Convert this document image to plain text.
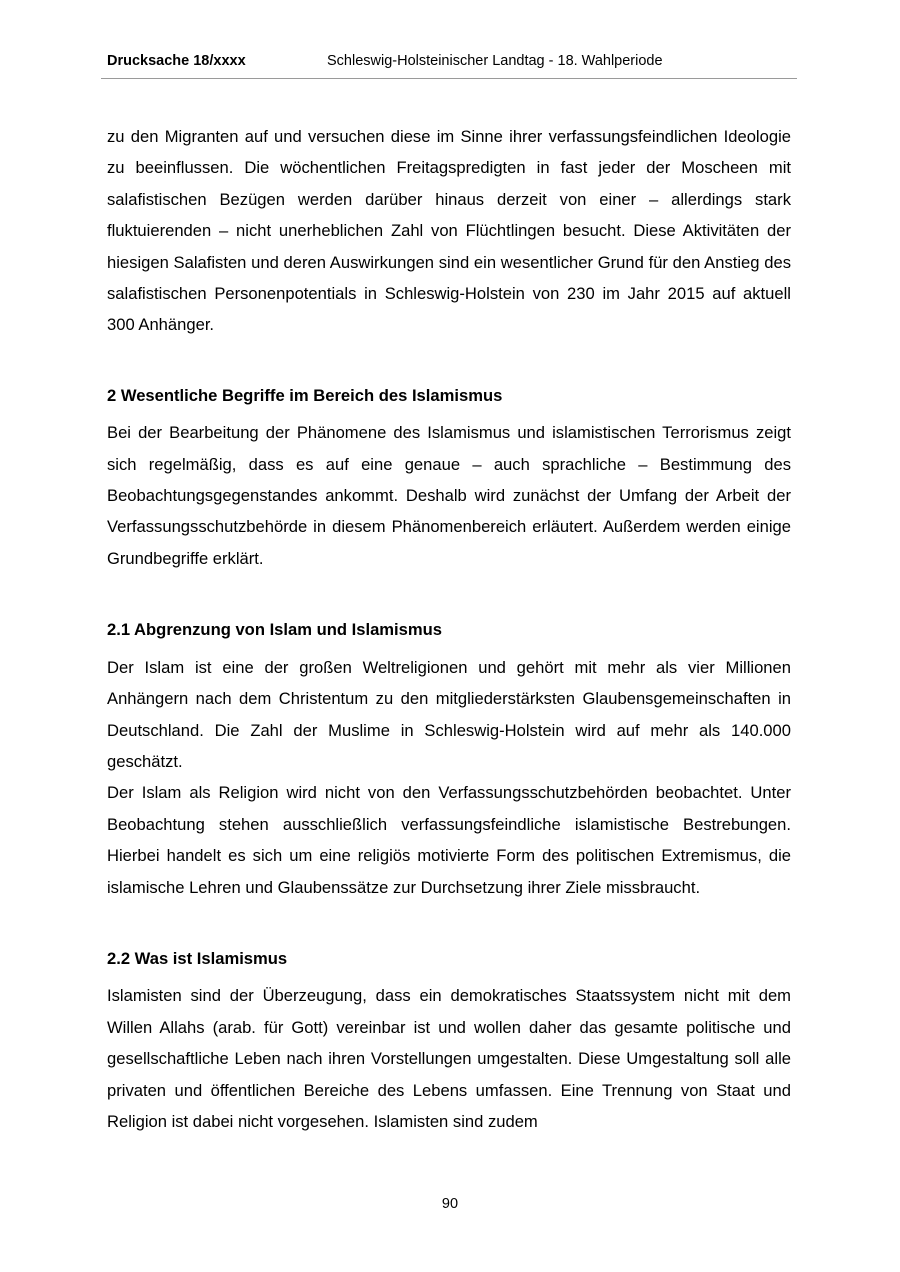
Drucksache 18/xxxx	Schleswig-Holsteinischer Landtag - 18. Wahlperiode

zu den Migranten auf und versuchen diese im Sinne ihrer verfassungsfeindlichen Ideologie zu beeinflussen. Die wöchentlichen Freitagspredigten in fast jeder der Moscheen mit salafistischen Bezügen werden darüber hinaus derzeit von einer – allerdings stark fluktuierenden – nicht unerheblichen Zahl von Flüchtlingen besucht. Diese Aktivitäten der hiesigen Salafisten und deren Auswirkungen sind ein wesentlicher Grund für den Anstieg des salafistischen Personenpotentials in Schleswig-Holstein von 230 im Jahr 2015 auf aktuell 300 Anhänger.

2 Wesentliche Begriffe im Bereich des Islamismus

Bei der Bearbeitung der Phänomene des Islamismus und islamistischen Terrorismus zeigt sich regelmäßig, dass es auf eine genaue – auch sprachliche – Bestimmung des Beobachtungsgegenstandes ankommt. Deshalb wird zunächst der Umfang der Arbeit der Verfassungsschutzbehörde in diesem Phänomenbereich erläutert. Außerdem werden einige Grundbegriffe erklärt.

2.1 Abgrenzung von Islam und Islamismus

Der Islam ist eine der großen Weltreligionen und gehört mit mehr als vier Millionen Anhängern nach dem Christentum zu den mitgliederstärksten Glaubensgemeinschaften in Deutschland. Die Zahl der Muslime in Schleswig-Holstein wird auf mehr als 140.000 geschätzt.

Der Islam als Religion wird nicht von den Verfassungsschutzbehörden beobachtet. Unter Beobachtung stehen ausschließlich verfassungsfeindliche islamistische Bestrebungen. Hierbei handelt es sich um eine religiös motivierte Form des politischen Extremismus, die islamische Lehren und Glaubenssätze zur Durchsetzung ihrer Ziele missbraucht.

2.2 Was ist Islamismus

Islamisten sind der Überzeugung, dass ein demokratisches Staatssystem nicht mit dem Willen Allahs (arab. für Gott) vereinbar ist und wollen daher das gesamte politische und gesellschaftliche Leben nach ihren Vorstellungen umgestalten. Diese Umgestaltung soll alle privaten und öffentlichen Bereiche des Lebens umfassen. Eine Trennung von Staat und Religion ist dabei nicht vorgesehen. Islamisten sind zudem

90
